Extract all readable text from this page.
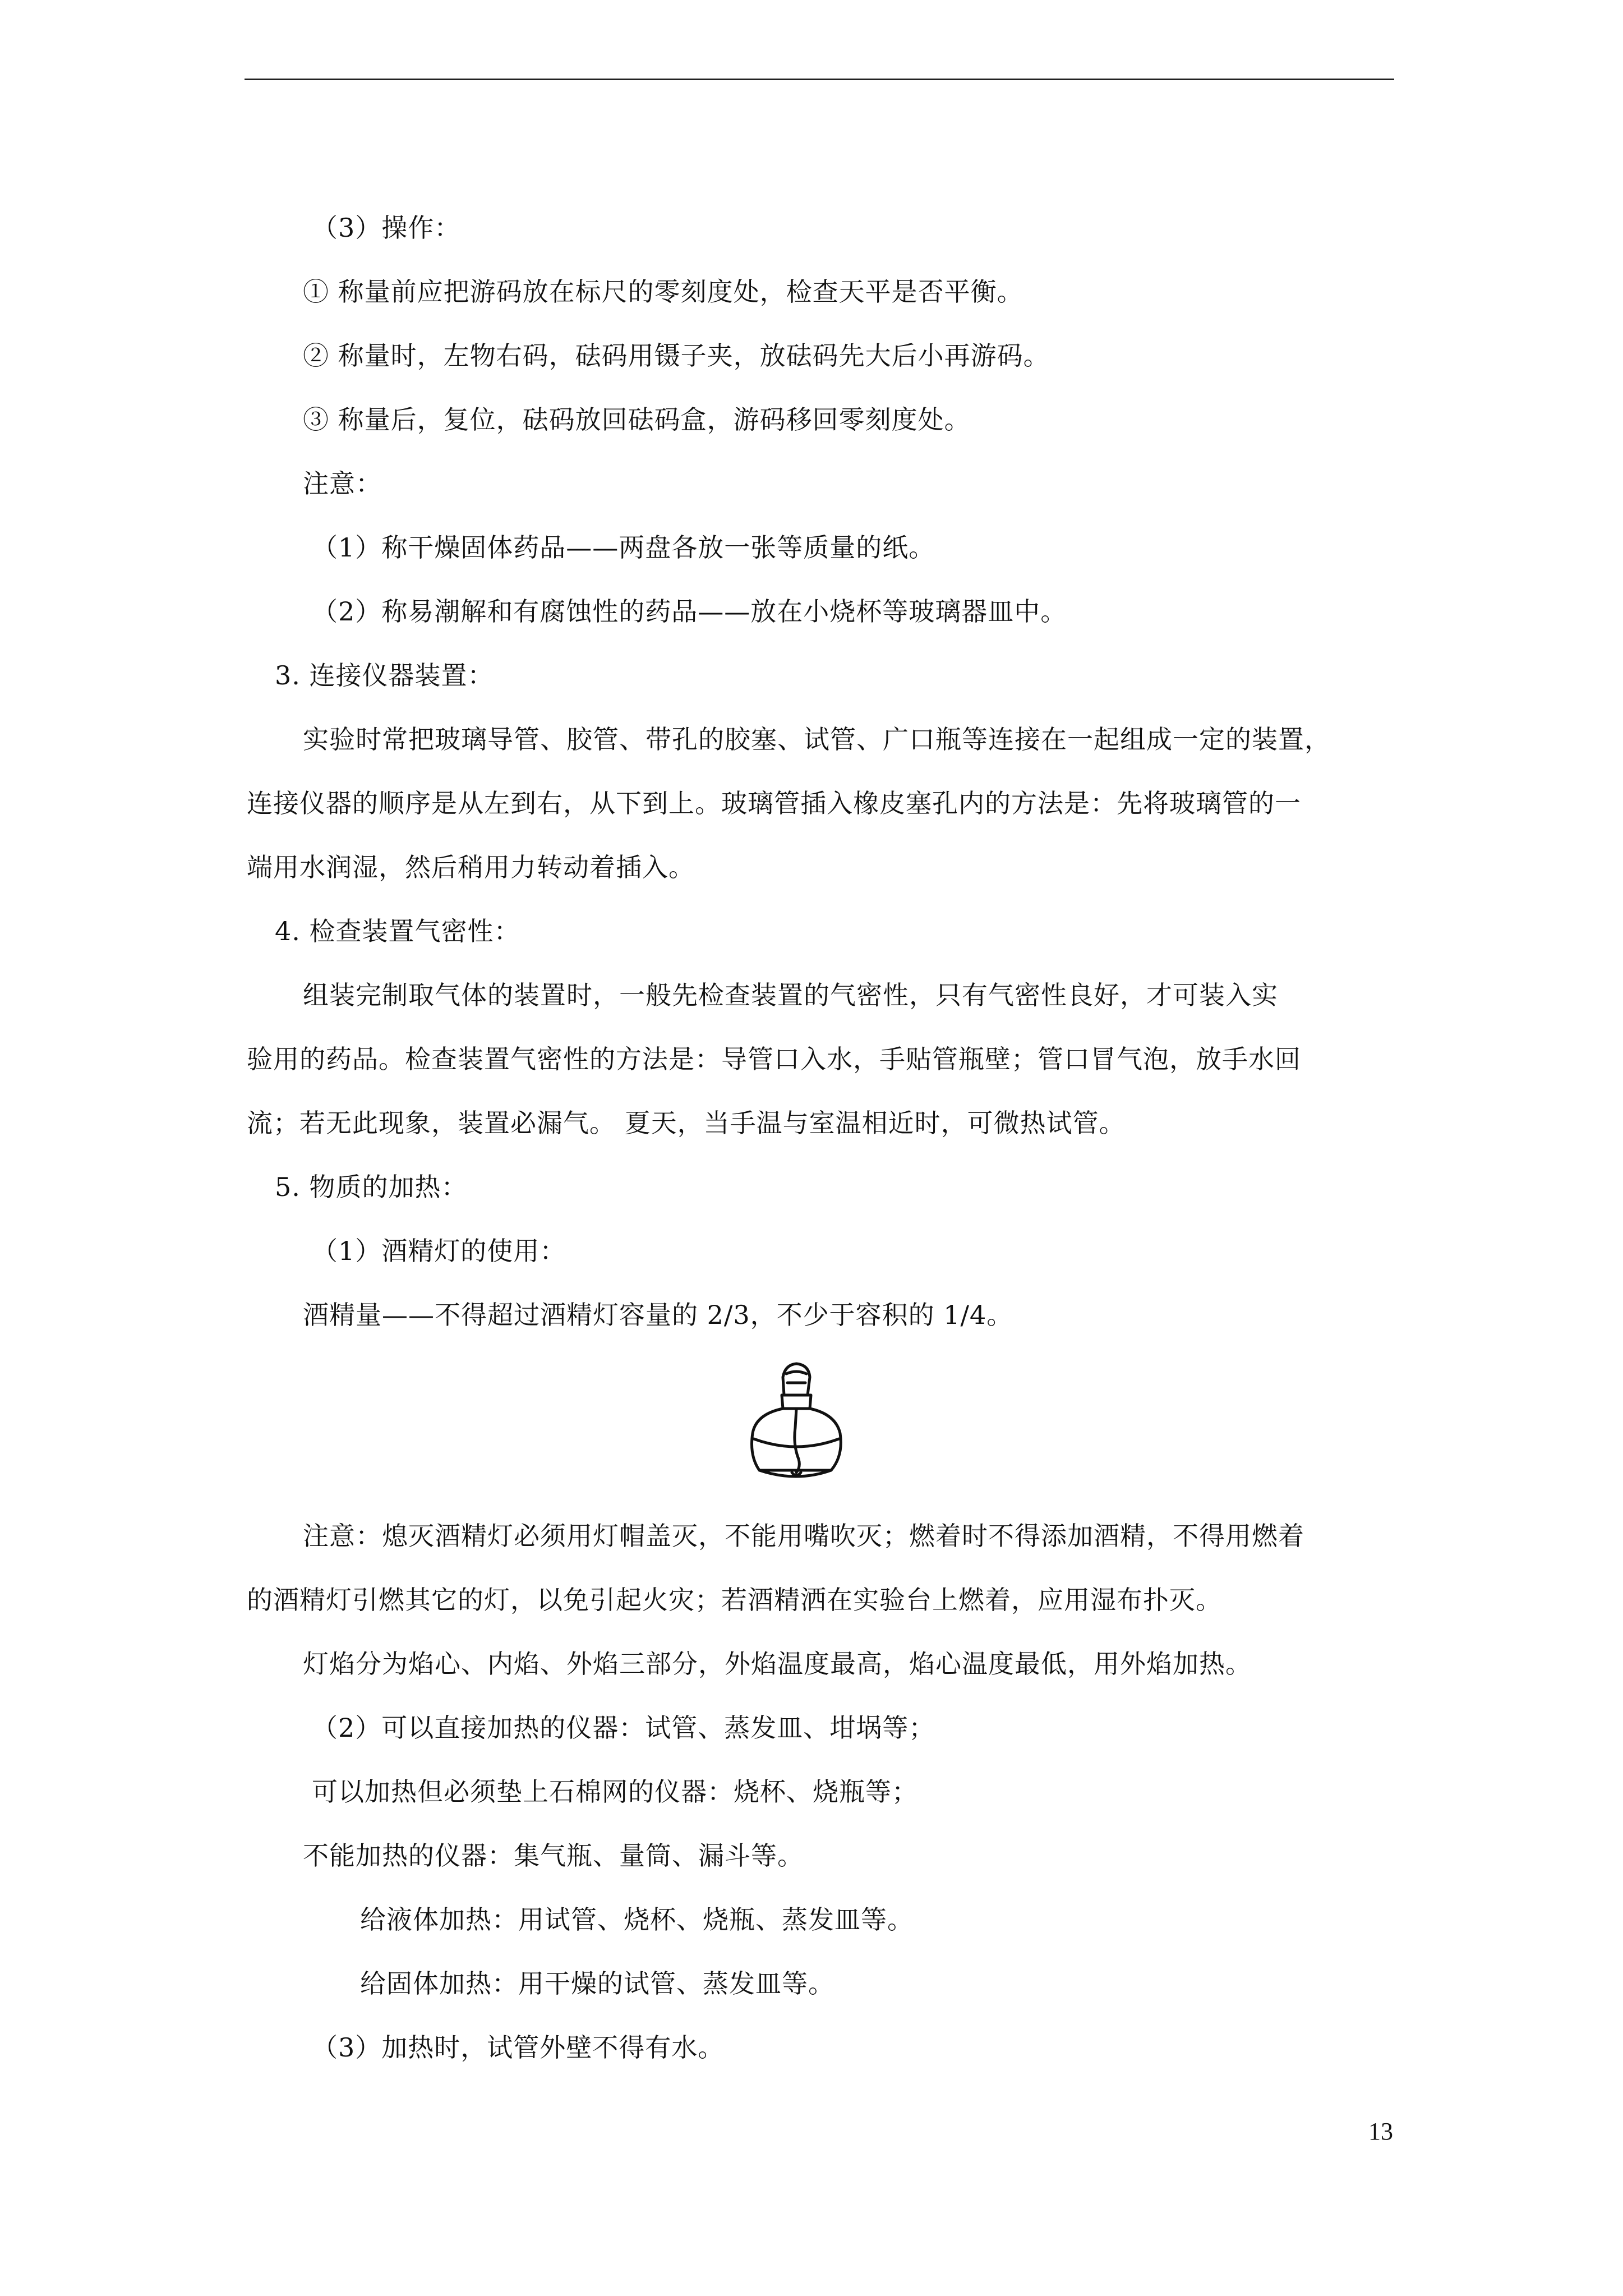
（3）操作：
① 称量前应把游码放在标尺的零刻度处，检查天平是否平衡。
② 称量时，左物右码，砝码用镊子夹，放砝码先大后小再游码。
③ 称量后，复位，砝码放回砝码盒，游码移回零刻度处。
注意：
（1）称干燥固体药品——两盘各放一张等质量的纸。
（2）称易潮解和有腐蚀性的药品——放在小烧杯等玻璃器皿中。
3. 连接仪器装置：
实验时常把玻璃导管、胶管、带孔的胶塞、试管、广口瓶等连接在一起组成一定的装置，
连接仪器的顺序是从左到右，从下到上。玻璃管插入橡皮塞孔内的方法是：先将玻璃管的一
端用水润湿，然后稍用力转动着插入。
4. 检查装置气密性：
组装完制取气体的装置时，一般先检查装置的气密性，只有气密性良好，才可装入实
验用的药品。检查装置气密性的方法是：导管口入水，手贴管瓶壁；管口冒气泡，放手水回
流；若无此现象，装置必漏气。 夏天，当手温与室温相近时，可微热试管。
5. 物质的加热：
（1）酒精灯的使用：
酒精量——不得超过酒精灯容量的 2/3，不少于容积的 1/4。
注意：熄灭酒精灯必须用灯帽盖灭，不能用嘴吹灭；燃着时不得添加酒精，不得用燃着
的酒精灯引燃其它的灯，以免引起火灾；若酒精洒在实验台上燃着，应用湿布扑灭。
灯焰分为焰心、内焰、外焰三部分，外焰温度最高，焰心温度最低，用外焰加热。
（2）可以直接加热的仪器：试管、蒸发皿、坩埚等；
可以加热但必须垫上石棉网的仪器：烧杯、烧瓶等；
不能加热的仪器：集气瓶、量筒、漏斗等。
给液体加热：用试管、烧杯、烧瓶、蒸发皿等。
给固体加热：用干燥的试管、蒸发皿等。
（3）加热时，试管外壁不得有水。
13
